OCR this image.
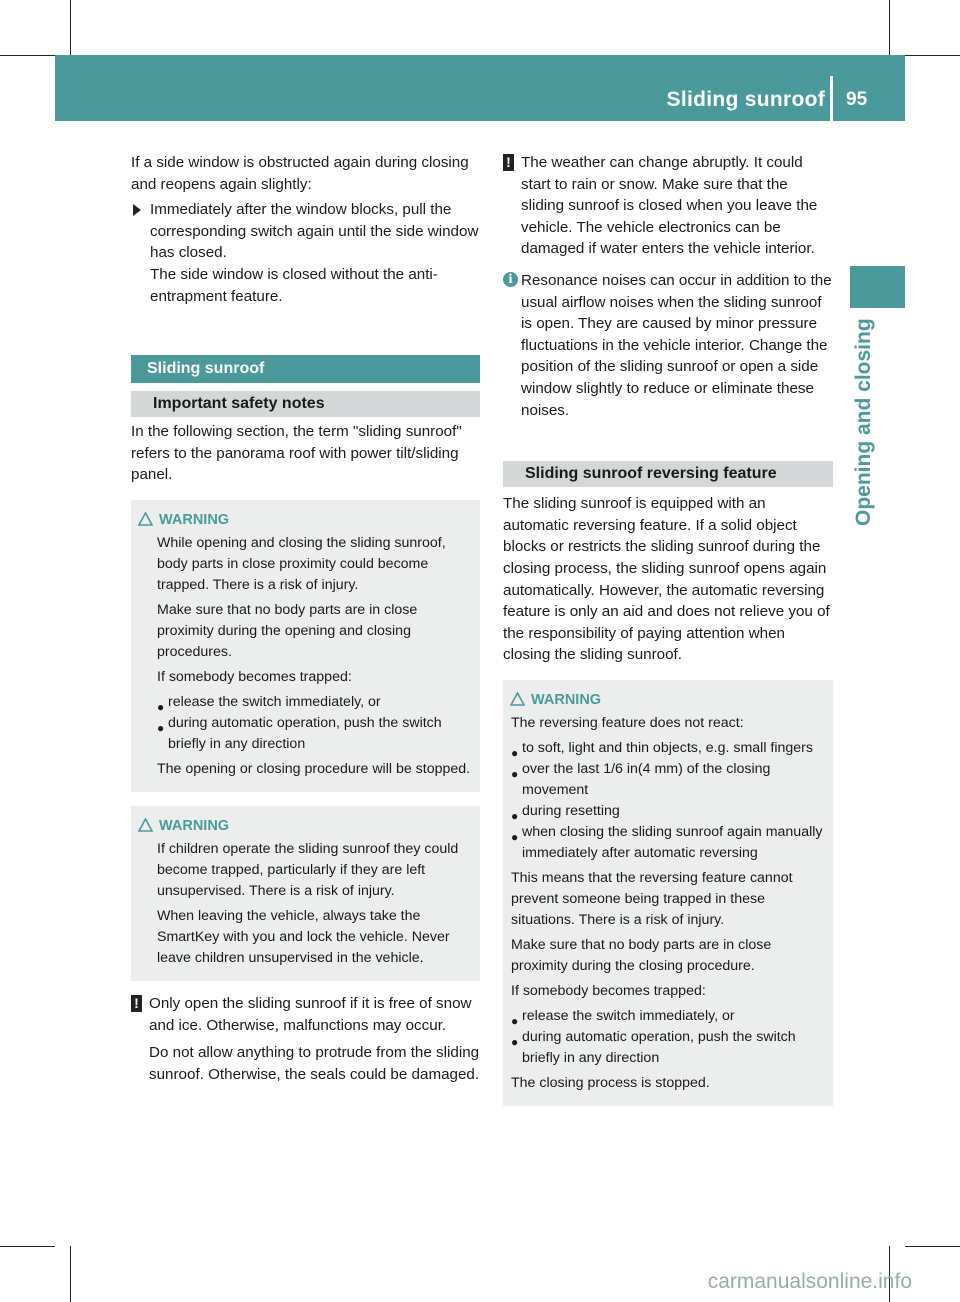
Sliding sunroof 95
Opening and closing

If a side window is obstructed again during closing and reopens again slightly:

Immediately after the window blocks, pull the corresponding switch again until the side window has closed.

The side window is closed without the anti-entrapment feature.

Sliding sunroof
Important safety notes

In the following section, the term "sliding sunroof" refers to the panorama roof with power tilt/sliding panel.

WARNING

While opening and closing the sliding sunroof, body parts in close proximity could become trapped. There is a risk of injury.

Make sure that no body parts are in close proximity during the opening and closing procedures.

If somebody becomes trapped:

● release the switch immediately, or
● during automatic operation, push the switch briefly in any direction

The opening or closing procedure will be stopped.

WARNING

If children operate the sliding sunroof they could become trapped, particularly if they are left unsupervised. There is a risk of injury.

When leaving the vehicle, always take the SmartKey with you and lock the vehicle. Never leave children unsupervised in the vehicle.

! Only open the sliding sunroof if it is free of snow and ice. Otherwise, malfunctions may occur.

Do not allow anything to protrude from the sliding sunroof. Otherwise, the seals could be damaged.

! The weather can change abruptly. It could start to rain or snow. Make sure that the sliding sunroof is closed when you leave the vehicle. The vehicle electronics can be damaged if water enters the vehicle interior.

i Resonance noises can occur in addition to the usual airflow noises when the sliding sunroof is open. They are caused by minor pressure fluctuations in the vehicle interior. Change the position of the sliding sunroof or open a side window slightly to reduce or eliminate these noises.

Sliding sunroof reversing feature

The sliding sunroof is equipped with an automatic reversing feature. If a solid object blocks or restricts the sliding sunroof during the closing process, the sliding sunroof opens again automatically. However, the automatic reversing feature is only an aid and does not relieve you of the responsibility of paying attention when closing the sliding sunroof.

WARNING

The reversing feature does not react:

● to soft, light and thin objects, e.g. small fingers
● over the last 1/6 in(4 mm) of the closing movement
● during resetting
● when closing the sliding sunroof again manually immediately after automatic reversing

This means that the reversing feature cannot prevent someone being trapped in these situations. There is a risk of injury.

Make sure that no body parts are in close proximity during the closing procedure.

If somebody becomes trapped:

● release the switch immediately, or
● during automatic operation, push the switch briefly in any direction

The closing process is stopped.

carmanualsonline.info
